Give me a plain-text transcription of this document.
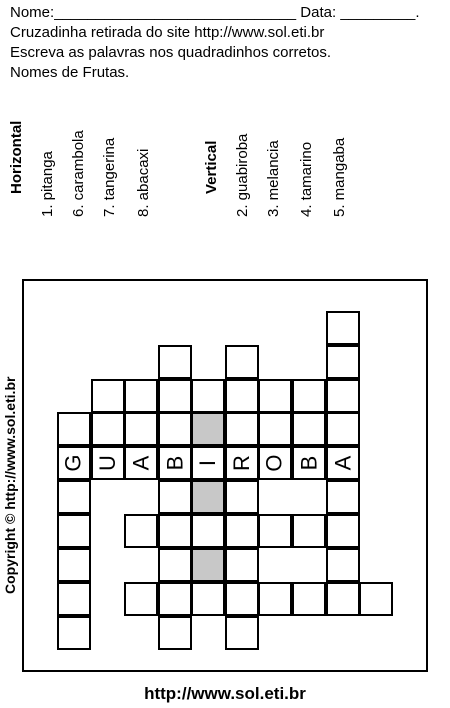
Nome:_____________________________ Data: _________.
Cruzadinha retirada do site http://www.sol.eti.br
Escreva as palavras nos quadradinhos corretos.
Nomes de Frutas.
Horizontal 1. pitanga 6. carambola 7. tangerina 8. abacaxi	Vertical 2. guabiroba 3. melancia 4. tamarino 5. mangaba
Copyright © http://www.sol.eti.br G U A B I R O B A
http://www.sol.eti.br
